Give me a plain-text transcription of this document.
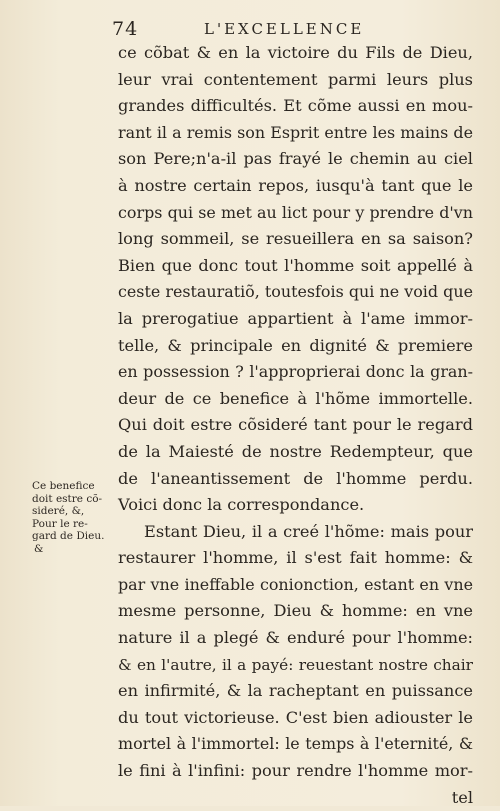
74	L'EXCELLENCE
Ce benefice
doit estre cõ-
sideré, &,
Pour le re-
gard de Dieu.
&
ce cõbat & en la victoire du Fils de Dieu,
leur vrai contentement parmi leurs plus
grandes difficultés. Et cõme aussi en mou-
rant il a remis son Esprit entre les mains de
son Pere;n'a-il pas frayé le chemin au ciel
à nostre certain repos, iusqu'à tant que le
corps qui se met au lict pour y prendre d'vn
long sommeil, se resueillera en sa saison?
Bien que donc tout l'homme soit appellé à
ceste restauratiõ, toutesfois qui ne void que
la prerogatiue appartient à l'ame immor-
telle, & principale en dignité & premiere
en possession ? l'approprierai donc la gran-
deur de ce benefice à l'hõme immortelle.
Qui doit estre cõsideré tant pour le regard
de la Maiesté de nostre Redempteur, que
de l'aneantissement de l'homme perdu.
Voici donc la correspondance.
Estant Dieu, il a creé l'hõme: mais pour
restaurer l'homme, il s'est fait homme: &
par vne ineffable conionction, estant en vne
mesme personne, Dieu & homme: en vne
nature il a plegé & enduré pour l'homme:
& en l'autre, il a payé: reuestant nostre chair
en infirmité, & la racheptant en puissance
du tout victorieuse. C'est bien adiouster le
mortel à l'immortel: le temps à l'eternité, &
le fini à l'infini: pour rendre l'homme mor-
tel
